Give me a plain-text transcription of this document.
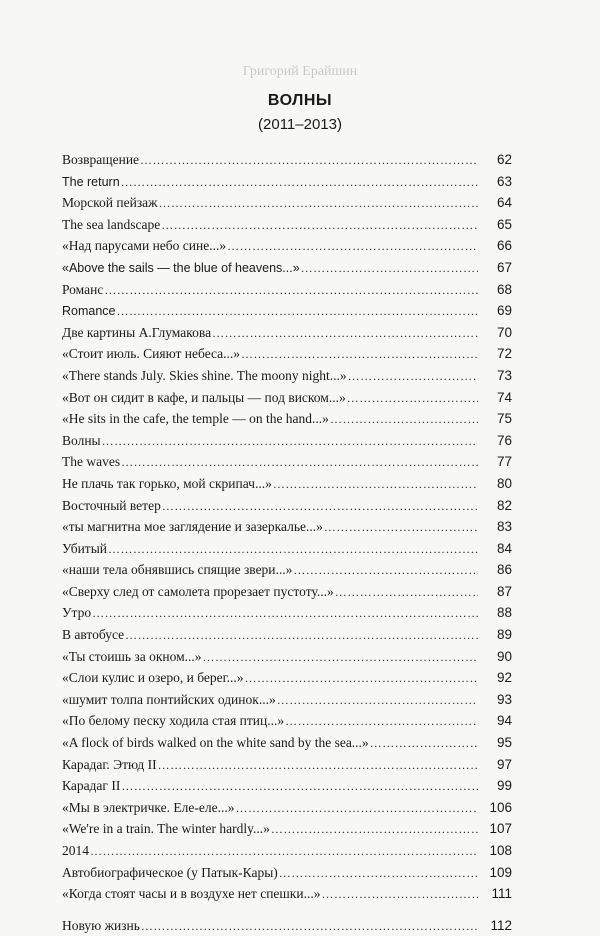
Григорий Ерайшин
ВОЛНЫ
(2011–2013)
Возвращение ……………………………………………………………………………………………………………………………………………………………………………………………	62
The return ……………………………………………………………………………………………………………………………………………………………………………………………	63
Морской пейзаж ……………………………………………………………………………………………………………………………………………………………………………………………	64
The sea landscape ……………………………………………………………………………………………………………………………………………………………………………………………	65
«Над парусами небо сине...» ……………………………………………………………………………………………………………………………………………………………………………………………	66
«Above the sails — the blue of heavens...» ……………………………………………………………………………………………………………………………………………………………………………………………	67
Романс ……………………………………………………………………………………………………………………………………………………………………………………………	68
Romance ……………………………………………………………………………………………………………………………………………………………………………………………	69
Две картины А.Глумакова ……………………………………………………………………………………………………………………………………………………………………………………………	70
«Стоит июль. Сияют небеса...» ……………………………………………………………………………………………………………………………………………………………………………………………	72
«There stands July. Skies shine. The moony night...» ……………………………………………………………………………………………………………………………………………………………………………………………	73
«Вот он сидит в кафе, и пальцы — под виском...» ……………………………………………………………………………………………………………………………………………………………………………………………	74
«He sits in the cafe, the temple — on the hand...» ……………………………………………………………………………………………………………………………………………………………………………………………	75
Волны ……………………………………………………………………………………………………………………………………………………………………………………………	76
The waves ……………………………………………………………………………………………………………………………………………………………………………………………	77
Не плачь так горько, мой скрипач...» ……………………………………………………………………………………………………………………………………………………………………………………………	80
Восточный ветер ……………………………………………………………………………………………………………………………………………………………………………………………	82
«ты магнитна мое заглядение и зазеркалье...» ……………………………………………………………………………………………………………………………………………………………………………………………	83
Убитый ……………………………………………………………………………………………………………………………………………………………………………………………	84
«наши тела обнявшись спящие звери...» ……………………………………………………………………………………………………………………………………………………………………………………………	86
«Сверху след от самолета прорезает пустоту...» ……………………………………………………………………………………………………………………………………………………………………………………………	87
Утро ……………………………………………………………………………………………………………………………………………………………………………………………	88
В автобусе ……………………………………………………………………………………………………………………………………………………………………………………………	89
«Ты стоишь за окном...» ……………………………………………………………………………………………………………………………………………………………………………………………	90
«Слои кулис и озеро, и берег...» ……………………………………………………………………………………………………………………………………………………………………………………………	92
«шумит толпа понтийских одинок...» ……………………………………………………………………………………………………………………………………………………………………………………………	93
«По белому песку ходила стая птиц...» ……………………………………………………………………………………………………………………………………………………………………………………………	94
«A flock of birds walked on the white sand by the sea...» ……………………………………………………………………………………………………………………………………………………………………………………………	95
Карадаг. Этюд II ……………………………………………………………………………………………………………………………………………………………………………………………	97
Карадаг II ……………………………………………………………………………………………………………………………………………………………………………………………	99
«Мы в электричке. Еле-еле...» ……………………………………………………………………………………………………………………………………………………………………………………………	106
«We're in a train. The winter hardly...» ……………………………………………………………………………………………………………………………………………………………………………………………	107
2014 ……………………………………………………………………………………………………………………………………………………………………………………………	108
Автобиографическое (у Патык-Кары) ……………………………………………………………………………………………………………………………………………………………………………………………	109
«Когда стоят часы и в воздухе нет спешки...» ……………………………………………………………………………………………………………………………………………………………………………………………	111
Новую жизнь ……………………………………………………………………………………………………………………………………………………………………………………………	112
